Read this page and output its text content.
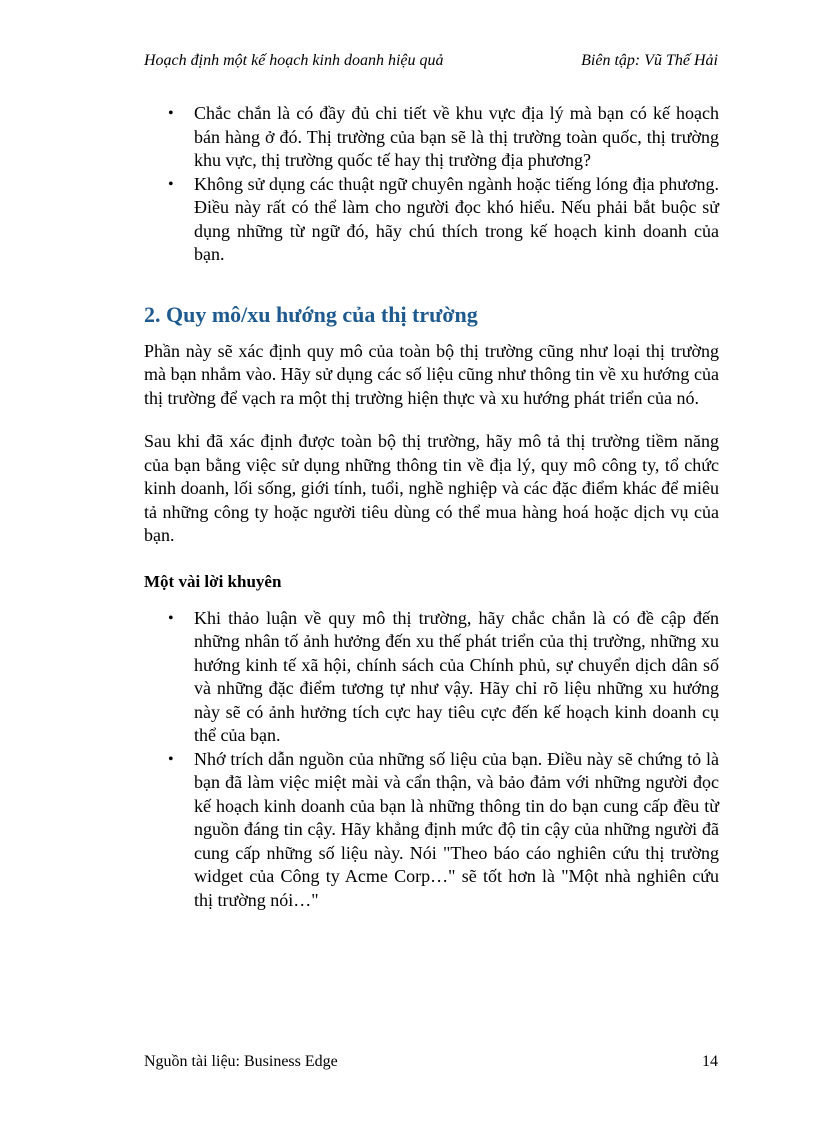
Hoạch định một kế hoạch kinh doanh hiệu quả	Biên tập: Vũ Thế Hải
• Chắc chắn là có đầy đủ chi tiết về khu vực địa lý mà bạn có kế hoạch bán hàng ở đó. Thị trường của bạn sẽ là thị trường toàn quốc, thị trường khu vực, thị trường quốc tế hay thị trường địa phương?
• Không sử dụng các thuật ngữ chuyên ngành hoặc tiếng lóng địa phương. Điều này rất có thể làm cho người đọc khó hiểu. Nếu phải bắt buộc sử dụng những từ ngữ đó, hãy chú thích trong kế hoạch kinh doanh của bạn.
2. Quy mô/xu hướng của thị trường

Phần này sẽ xác định quy mô của toàn bộ thị trường cũng như loại thị trường mà bạn nhắm vào. Hãy sử dụng các số liệu cũng như thông tin về xu hướng của thị trường để vạch ra một thị trường hiện thực và xu hướng phát triển của nó.

Sau khi đã xác định được toàn bộ thị trường, hãy mô tả thị trường tiềm năng của bạn bằng việc sử dụng những thông tin về địa lý, quy mô công ty, tổ chức kinh doanh, lối sống, giới tính, tuổi, nghề nghiệp và các đặc điểm khác để miêu tả những công ty hoặc người tiêu dùng có thể mua hàng hoá hoặc dịch vụ của bạn.

Một vài lời khuyên
• Khi thảo luận về quy mô thị trường, hãy chắc chắn là có đề cập đến những nhân tố ảnh hưởng đến xu thế phát triển của thị trường, những xu hướng kinh tế xã hội, chính sách của Chính phủ, sự chuyển dịch dân số và những đặc điểm tương tự như vậy. Hãy chỉ rõ liệu những xu hướng này sẽ có ảnh hưởng tích cực hay tiêu cực đến kế hoạch kinh doanh cụ thể của bạn.
• Nhớ trích dẫn nguồn của những số liệu của bạn. Điều này sẽ chứng tỏ là bạn đã làm việc miệt mài và cẩn thận, và bảo đảm với những người đọc kế hoạch kinh doanh của bạn là những thông tin do bạn cung cấp đều từ nguồn đáng tin cậy. Hãy khẳng định mức độ tin cậy của những người đã cung cấp những số liệu này. Nói "Theo báo cáo nghiên cứu thị trường widget của Công ty Acme Corp…" sẽ tốt hơn là "Một nhà nghiên cứu thị trường nói…"
Nguồn tài liệu: Business Edge	14
